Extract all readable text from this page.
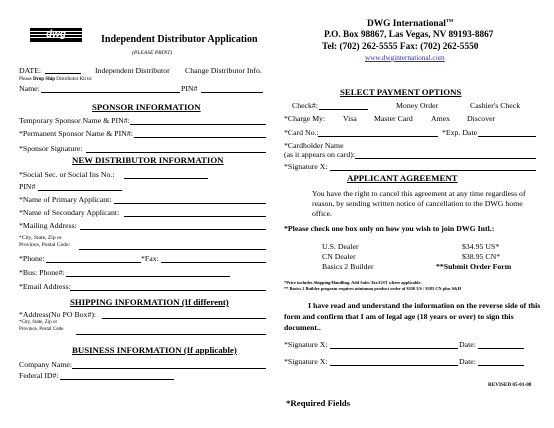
dwg	Independent Distributor Application
(PLEASE PRINT)
DWG International™
P.O. Box 98867, Las Vegas, NV 89193-8867
Tel: (702) 262-5555 Fax: (702) 262-5550
www.dwginternational.com
DATE:	Independent Distributor Change Distributor Info.
Please Drop Ship Distributor Kit to:
Name:	PIN#
SPONSOR INFORMATION
Temporary Sponsor Name & PIN#:
*Permanent Sponsor Name & PIN#:
*Sponsor Signature:
NEW DISTRIBUTOR INFORMATION
*Social Sec. or Social Ins No.:
PIN#
*Name of Primary Applicant:
*Name of Secondary Applicant:
*Mailing Address:
*City, State, Zip or
Province, Postal Code:
*Phone:	*Fax:
*Bus: Phone#:
*Email Address:
SHIPPING INFORMATION (If different)
*Address(No PO Box#):
*City, State, Zip or
Province, Postal Code
BUSINESS INFORMATION (If applicable)
Company Name:
Federal ID#:
SELECT PAYMENT OPTIONS
Check#:	Money Order	Cashier's Check
*Charge My: Visa Master Card Amex Discover
*Card No.:	*Exp. Date
*Cardholder Name
(as it appears on card):
*Signature X:
APPLICANT AGREEMENT
You have the right to cancel this agreement at any time regardless of
reason, by sending written notice of cancellation to the DWG home
office.
*Please check one box only on how you wish to join DWG Intl.:
U.S. Dealer	$34.95 US*
CN Dealer	$38.95 CN*
Basics 2 Builder	**Submit Order Form
*Price includes Shipping/Handling. Add Sales Tax/GST where applicable.
** Basics 2 Builder program requires minimum product order of $350 US / $385 CN plus S&H
I have read and understand the information on the reverse side of this
form and confirm that I am of legal age (18 years or over) to sign this
document..
*Signature X:	Date:
*Signature X:	Date:
REVISED 05-01-08
*Required Fields
